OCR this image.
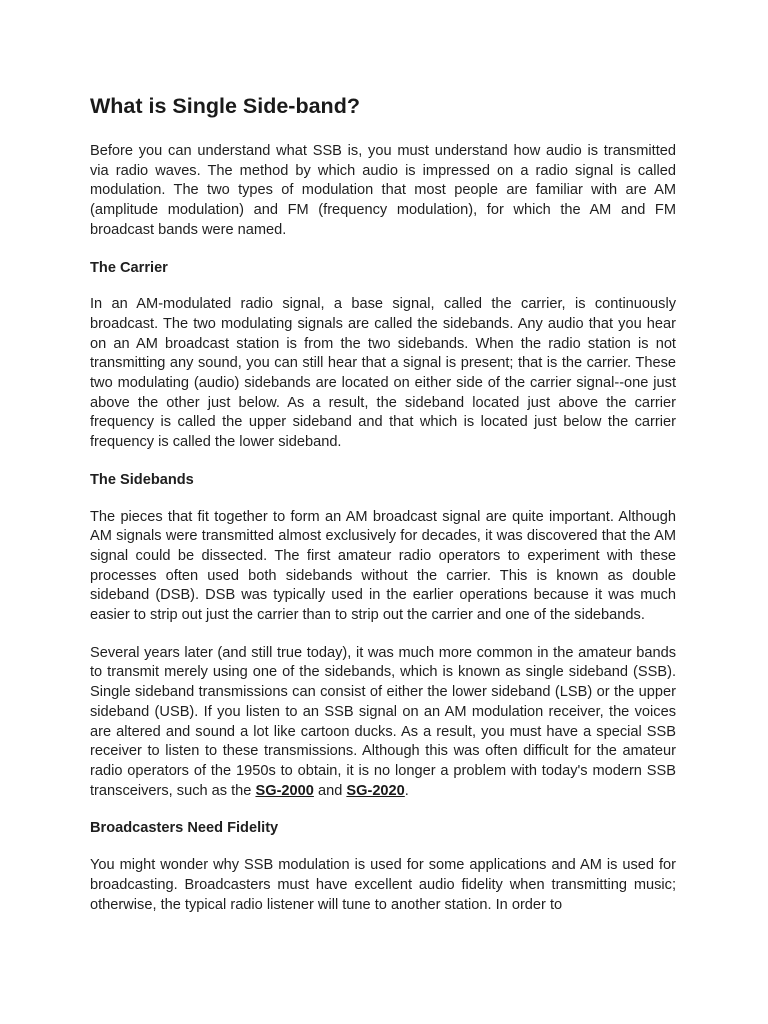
What is Single Side-band?

Before you can understand what SSB is, you must understand how audio is transmitted via radio waves. The method by which audio is impressed on a radio signal is called modulation. The two types of modulation that most people are familiar with are AM (amplitude modulation) and FM (frequency modulation), for which the AM and FM broadcast bands were named.

The Carrier

In an AM-modulated radio signal, a base signal, called the carrier, is continuously broadcast. The two modulating signals are called the sidebands. Any audio that you hear on an AM broadcast station is from the two sidebands. When the radio station is not transmitting any sound, you can still hear that a signal is present; that is the carrier. These two modulating (audio) sidebands are located on either side of the carrier signal--one just above the other just below. As a result, the sideband located just above the carrier frequency is called the upper sideband and that which is located just below the carrier frequency is called the lower sideband.

The Sidebands

The pieces that fit together to form an AM broadcast signal are quite important. Although AM signals were transmitted almost exclusively for decades, it was discovered that the AM signal could be dissected. The first amateur radio operators to experiment with these processes often used both sidebands without the carrier. This is known as double sideband (DSB). DSB was typically used in the earlier operations because it was much easier to strip out just the carrier than to strip out the carrier and one of the sidebands.

Several years later (and still true today), it was much more common in the amateur bands to transmit merely using one of the sidebands, which is known as single sideband (SSB). Single sideband transmissions can consist of either the lower sideband (LSB) or the upper sideband (USB). If you listen to an SSB signal on an AM modulation receiver, the voices are altered and sound a lot like cartoon ducks. As a result, you must have a special SSB receiver to listen to these transmissions. Although this was often difficult for the amateur radio operators of the 1950s to obtain, it is no longer a problem with today's modern SSB transceivers, such as the SG-2000 and SG-2020.

Broadcasters Need Fidelity

You might wonder why SSB modulation is used for some applications and AM is used for broadcasting. Broadcasters must have excellent audio fidelity when transmitting music; otherwise, the typical radio listener will tune to another station. In order to
